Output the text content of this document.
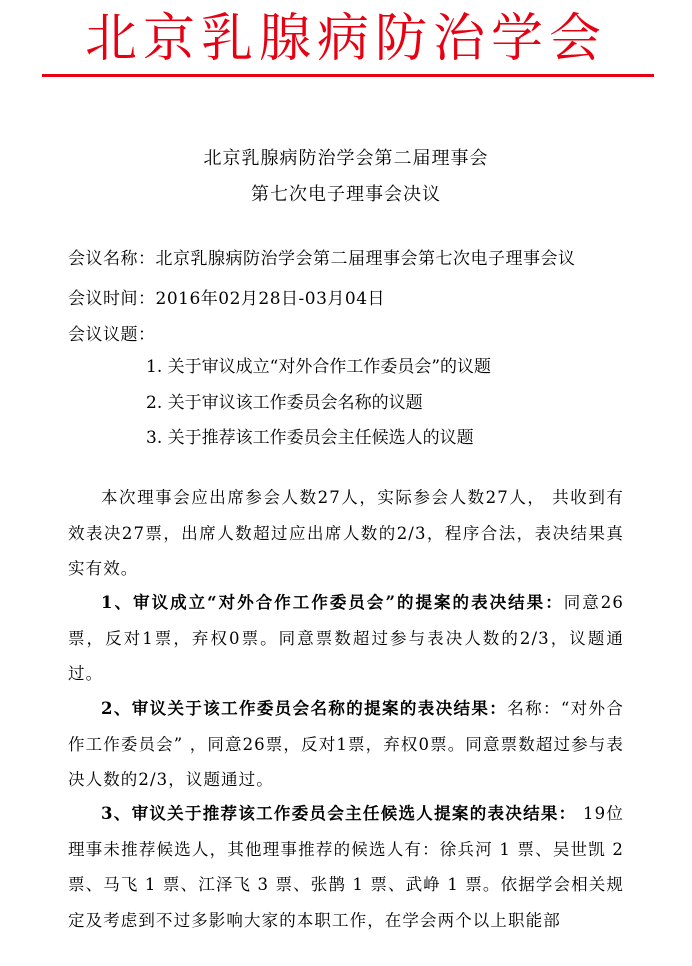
北京乳腺病防治学会
北京乳腺病防治学会第二届理事会
第七次电子理事会决议
会议名称：北京乳腺病防治学会第二届理事会第七次电子理事会议
会议时间：2016年02月28日-03月04日
会议议题：
1. 关于审议成立“对外合作工作委员会”的议题
2. 关于审议该工作委员会名称的议题
3. 关于推荐该工作委员会主任候选人的议题
本次理事会应出席参会人数27人，实际参会人数27人， 共收到有效表决27票，出席人数超过应出席人数的2/3，程序合法，表决结果真实有效。
1、审议成立“对外合作工作委员会”的提案的表决结果：同意26票，反对1票，弃权0票。同意票数超过参与表决人数的2/3，议题通过。
2、审议关于该工作委员会名称的提案的表决结果：名称：“对外合作工作委员会” ，同意26票，反对1票，弃权0票。同意票数超过参与表决人数的2/3，议题通过。
3、审议关于推荐该工作委员会主任候选人提案的表决结果： 19位理事未推荐候选人，其他理事推荐的候选人有：徐兵河 1 票、吴世凯 2 票、马飞 1 票、江泽飞 3 票、张鹊 1 票、武峥 1 票。依据学会相关规定及考虑到不过多影响大家的本职工作，在学会两个以上职能部
